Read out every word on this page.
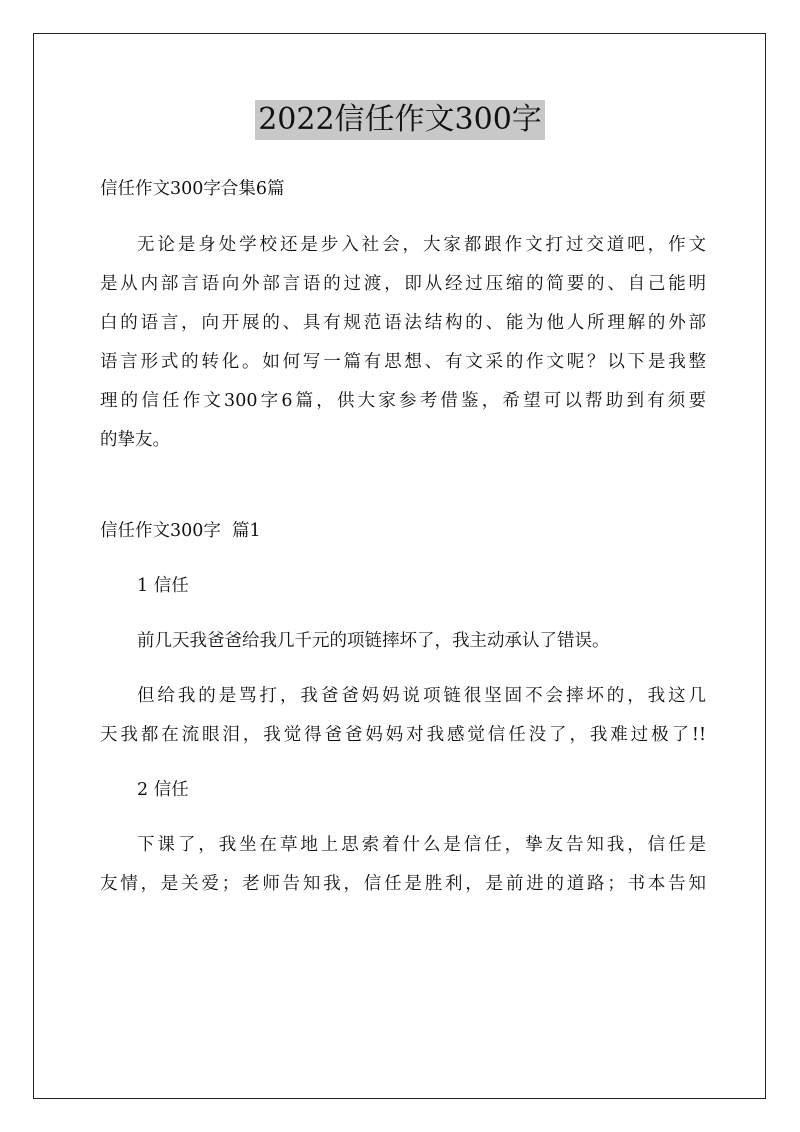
2022信任作文300字
信任作文300字合集6篇
无论是身处学校还是步入社会，大家都跟作文打过交道吧，作文
是从内部言语向外部言语的过渡，即从经过压缩的简要的、自己能明
白的语言，向开展的、具有规范语法结构的、能为他人所理解的外部
语言形式的转化。如何写一篇有思想、有文采的作文呢？以下是我整
理的信任作文300字6篇，供大家参考借鉴，希望可以帮助到有须要
的挚友。
信任作文300字  篇1
1 信任
前几天我爸爸给我几千元的项链摔坏了，我主动承认了错误。
但给我的是骂打，我爸爸妈妈说项链很坚固不会摔坏的，我这几
天我都在流眼泪，我觉得爸爸妈妈对我感觉信任没了，我难过极了!!
2 信任
下课了，我坐在草地上思索着什么是信任，挚友告知我，信任是
友情，是关爱；老师告知我，信任是胜利，是前进的道路；书本告知
